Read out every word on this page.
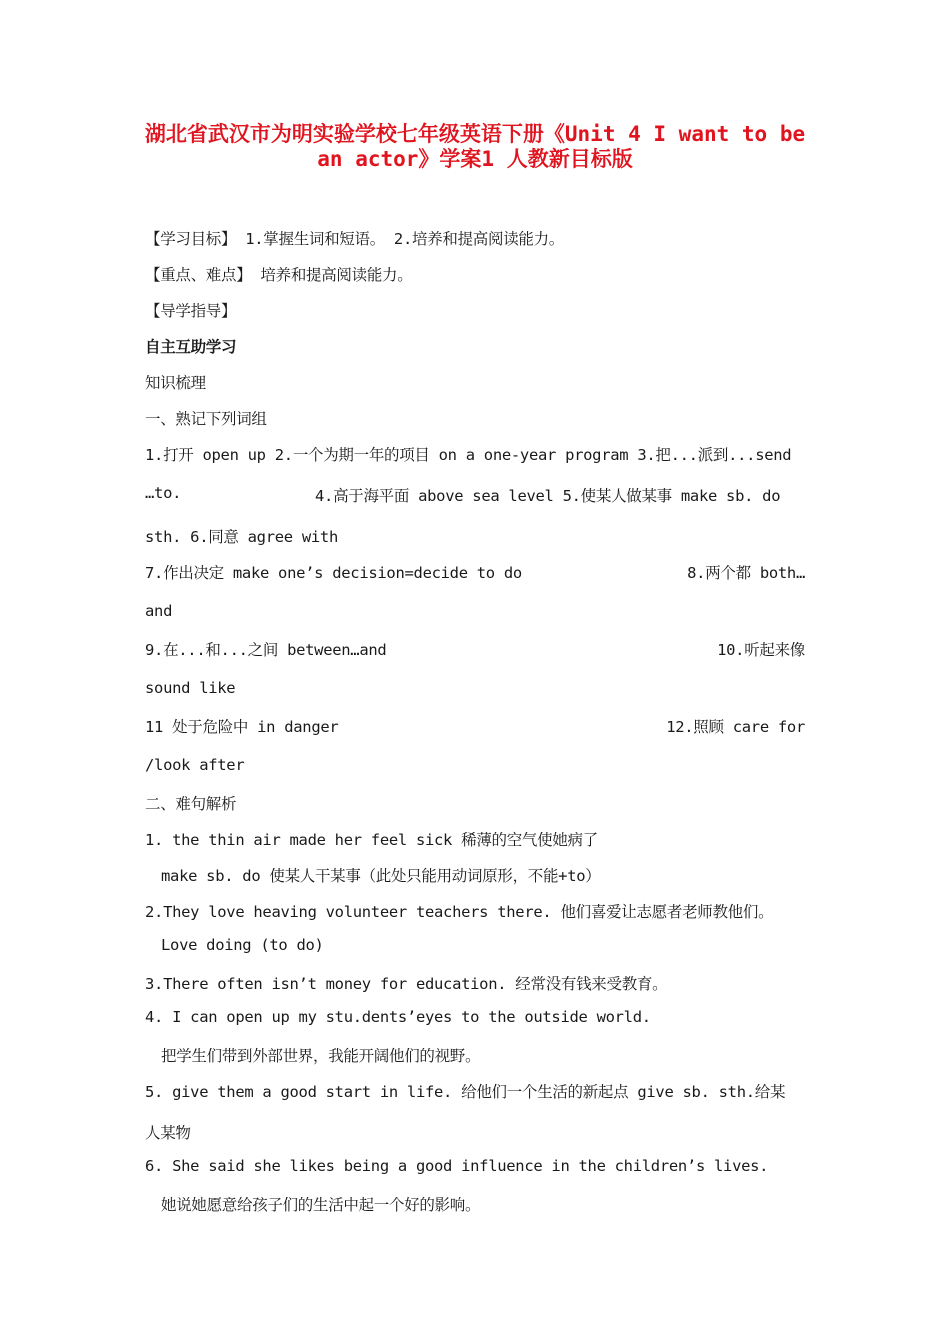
湖北省武汉市为明实验学校七年级英语下册《Unit 4 I want to be
an actor》学案1 人教新目标版
【学习目标】 1.掌握生词和短语。 2.培养和提高阅读能力。
【重点、难点】 培养和提高阅读能力。
【导学指导】
自主互助学习
知识梳理
一、熟记下列词组
1.打开 open up 2.一个为期一年的项目 on a one-year program 3.把...派到...send
…to.	4.高于海平面 above sea level 5.使某人做某事 make sb. do
sth. 6.同意 agree with
7.作出决定 make one’s decision=decide to do	8.两个都 both…
and
9.在...和...之间 between…and	10.听起来像
sound like
11 处于危险中 in danger	12.照顾 care for
/look after
二、难句解析
1. the thin air made her feel sick 稀薄的空气使她病了
make sb. do 使某人干某事（此处只能用动词原形，不能+to）
2.They love heaving volunteer teachers there. 他们喜爱让志愿者老师教他们。
Love doing (to do)
3.There often isn’t money for education. 经常没有钱来受教育。
4. I can open up my stu.dents’eyes to the outside world.
把学生们带到外部世界，我能开阔他们的视野。
5. give them a good start in life. 给他们一个生活的新起点 give sb. sth.给某
人某物
6. She said she likes being a good influence in the children’s lives.
她说她愿意给孩子们的生活中起一个好的影响。
